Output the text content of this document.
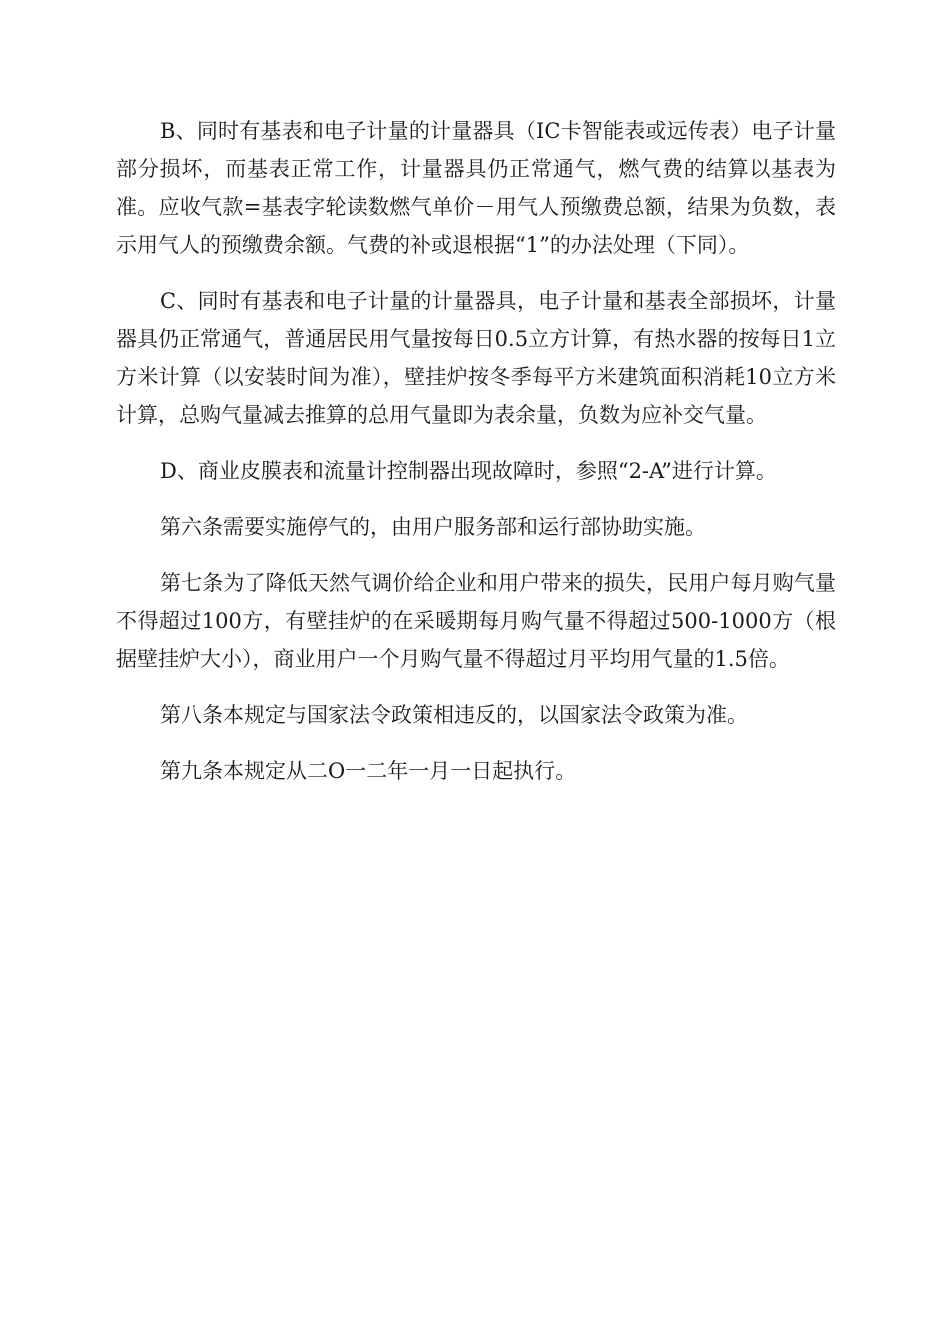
B、同时有基表和电子计量的计量器具（IC卡智能表或远传表）电子计量部分损坏，而基表正常工作，计量器具仍正常通气，燃气费的结算以基表为准。应收气款=基表字轮读数燃气单价－用气人预缴费总额，结果为负数，表示用气人的预缴费余额。气费的补或退根据“1”的办法处理（下同）。

C、同时有基表和电子计量的计量器具，电子计量和基表全部损坏，计量器具仍正常通气，普通居民用气量按每日0.5立方计算，有热水器的按每日1立方米计算（以安装时间为准），壁挂炉按冬季每平方米建筑面积消耗10立方米计算，总购气量减去推算的总用气量即为表余量，负数为应补交气量。

D、商业皮膜表和流量计控制器出现故障时，参照“2-A”进行计算。

第六条需要实施停气的，由用户服务部和运行部协助实施。

第七条为了降低天然气调价给企业和用户带来的损失，民用户每月购气量不得超过100方，有壁挂炉的在采暖期每月购气量不得超过500-1000方（根据壁挂炉大小），商业用户一个月购气量不得超过月平均用气量的1.5倍。

第八条本规定与国家法令政策相违反的，以国家法令政策为准。

第九条本规定从二O一二年一月一日起执行。
